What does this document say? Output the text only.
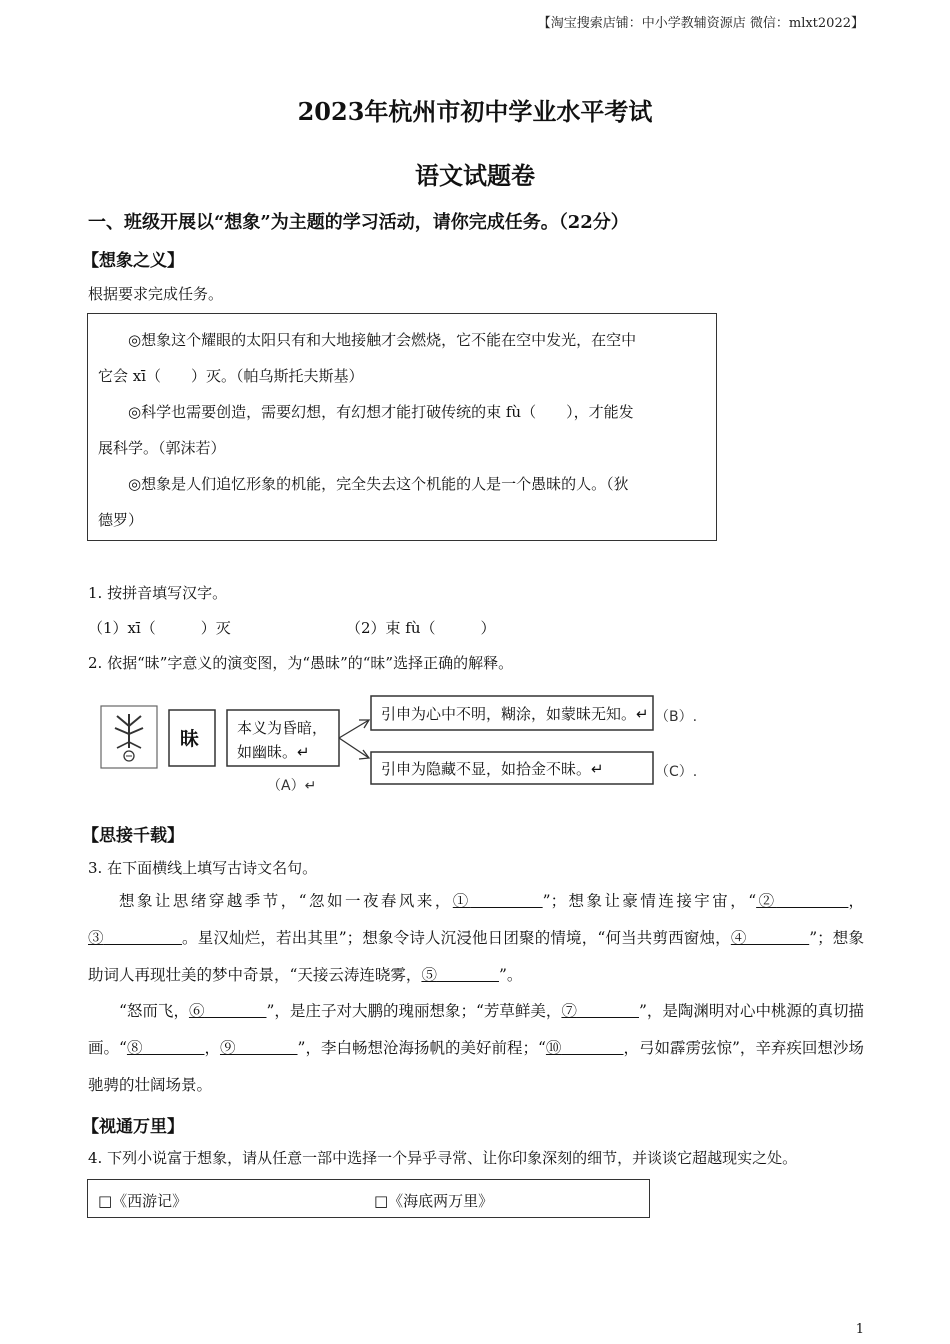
【淘宝搜索店铺：中小学教辅资源店 微信：mlxt2022】
2023年杭州市初中学业水平考试
语文试题卷
一、班级开展以“想象”为主题的学习活动，请你完成任务。（22分）
【想象之义】
根据要求完成任务。

◎想象这个耀眼的太阳只有和大地接触才会燃烧，它不能在空中发光，在空中

它会 xī（　　）灭。（帕乌斯托夫斯基）

◎科学也需要创造，需要幻想，有幻想才能打破传统的束 fù（　　），才能发

展科学。（郭沫若）

◎想象是人们追忆形象的机能，完全失去这个机能的人是一个愚昧的人。（狄

德罗）

1. 按拼音填写汉字。
（1）xī（　　　）灭	（2）束 fù（　　　）
2. 依据“昧”字意义的演变图，为“愚昧”的“昧”选择正确的解释。
昧	本义为昏暗，
如幽昧。↵
（A）↵
引申为心中不明，糊涂，如蒙昧无知。↵ （B）.
引申为隐藏不显，如拾金不昧。↵	（C）.
【思接千载】
3. 在下面横线上填写古诗文名句。

想象让思绪穿越季节，“忽如一夜春风来，①　　　　	”；想象让豪情连接宇宙，“②　　　　	，③　　　　　	。星汉灿烂，若出其里”；想象令诗人沉浸他日团聚的情境，“何当共剪西窗烛，④　　　　	”；想象助词人再现壮美的梦中奇景，“天接云涛连晓雾，⑤　　　　	”。

“怒而飞，⑥　　　　	”，是庄子对大鹏的瑰丽想象；“芳草鲜美，⑦　　　　	”，是陶渊明对心中桃源的真切描画。“⑧　　　　	，⑨　　　　	”，李白畅想沧海扬帆的美好前程；“⑩　　　　	，弓如霹雳弦惊”，辛弃疾回想沙场驰骋的壮阔场景。

【视通万里】
4. 下列小说富于想象，请从任意一部中选择一个异乎寻常、让你印象深刻的细节，并谈谈它超越现实之处。
□《西游记》	□《海底两万里》
1
